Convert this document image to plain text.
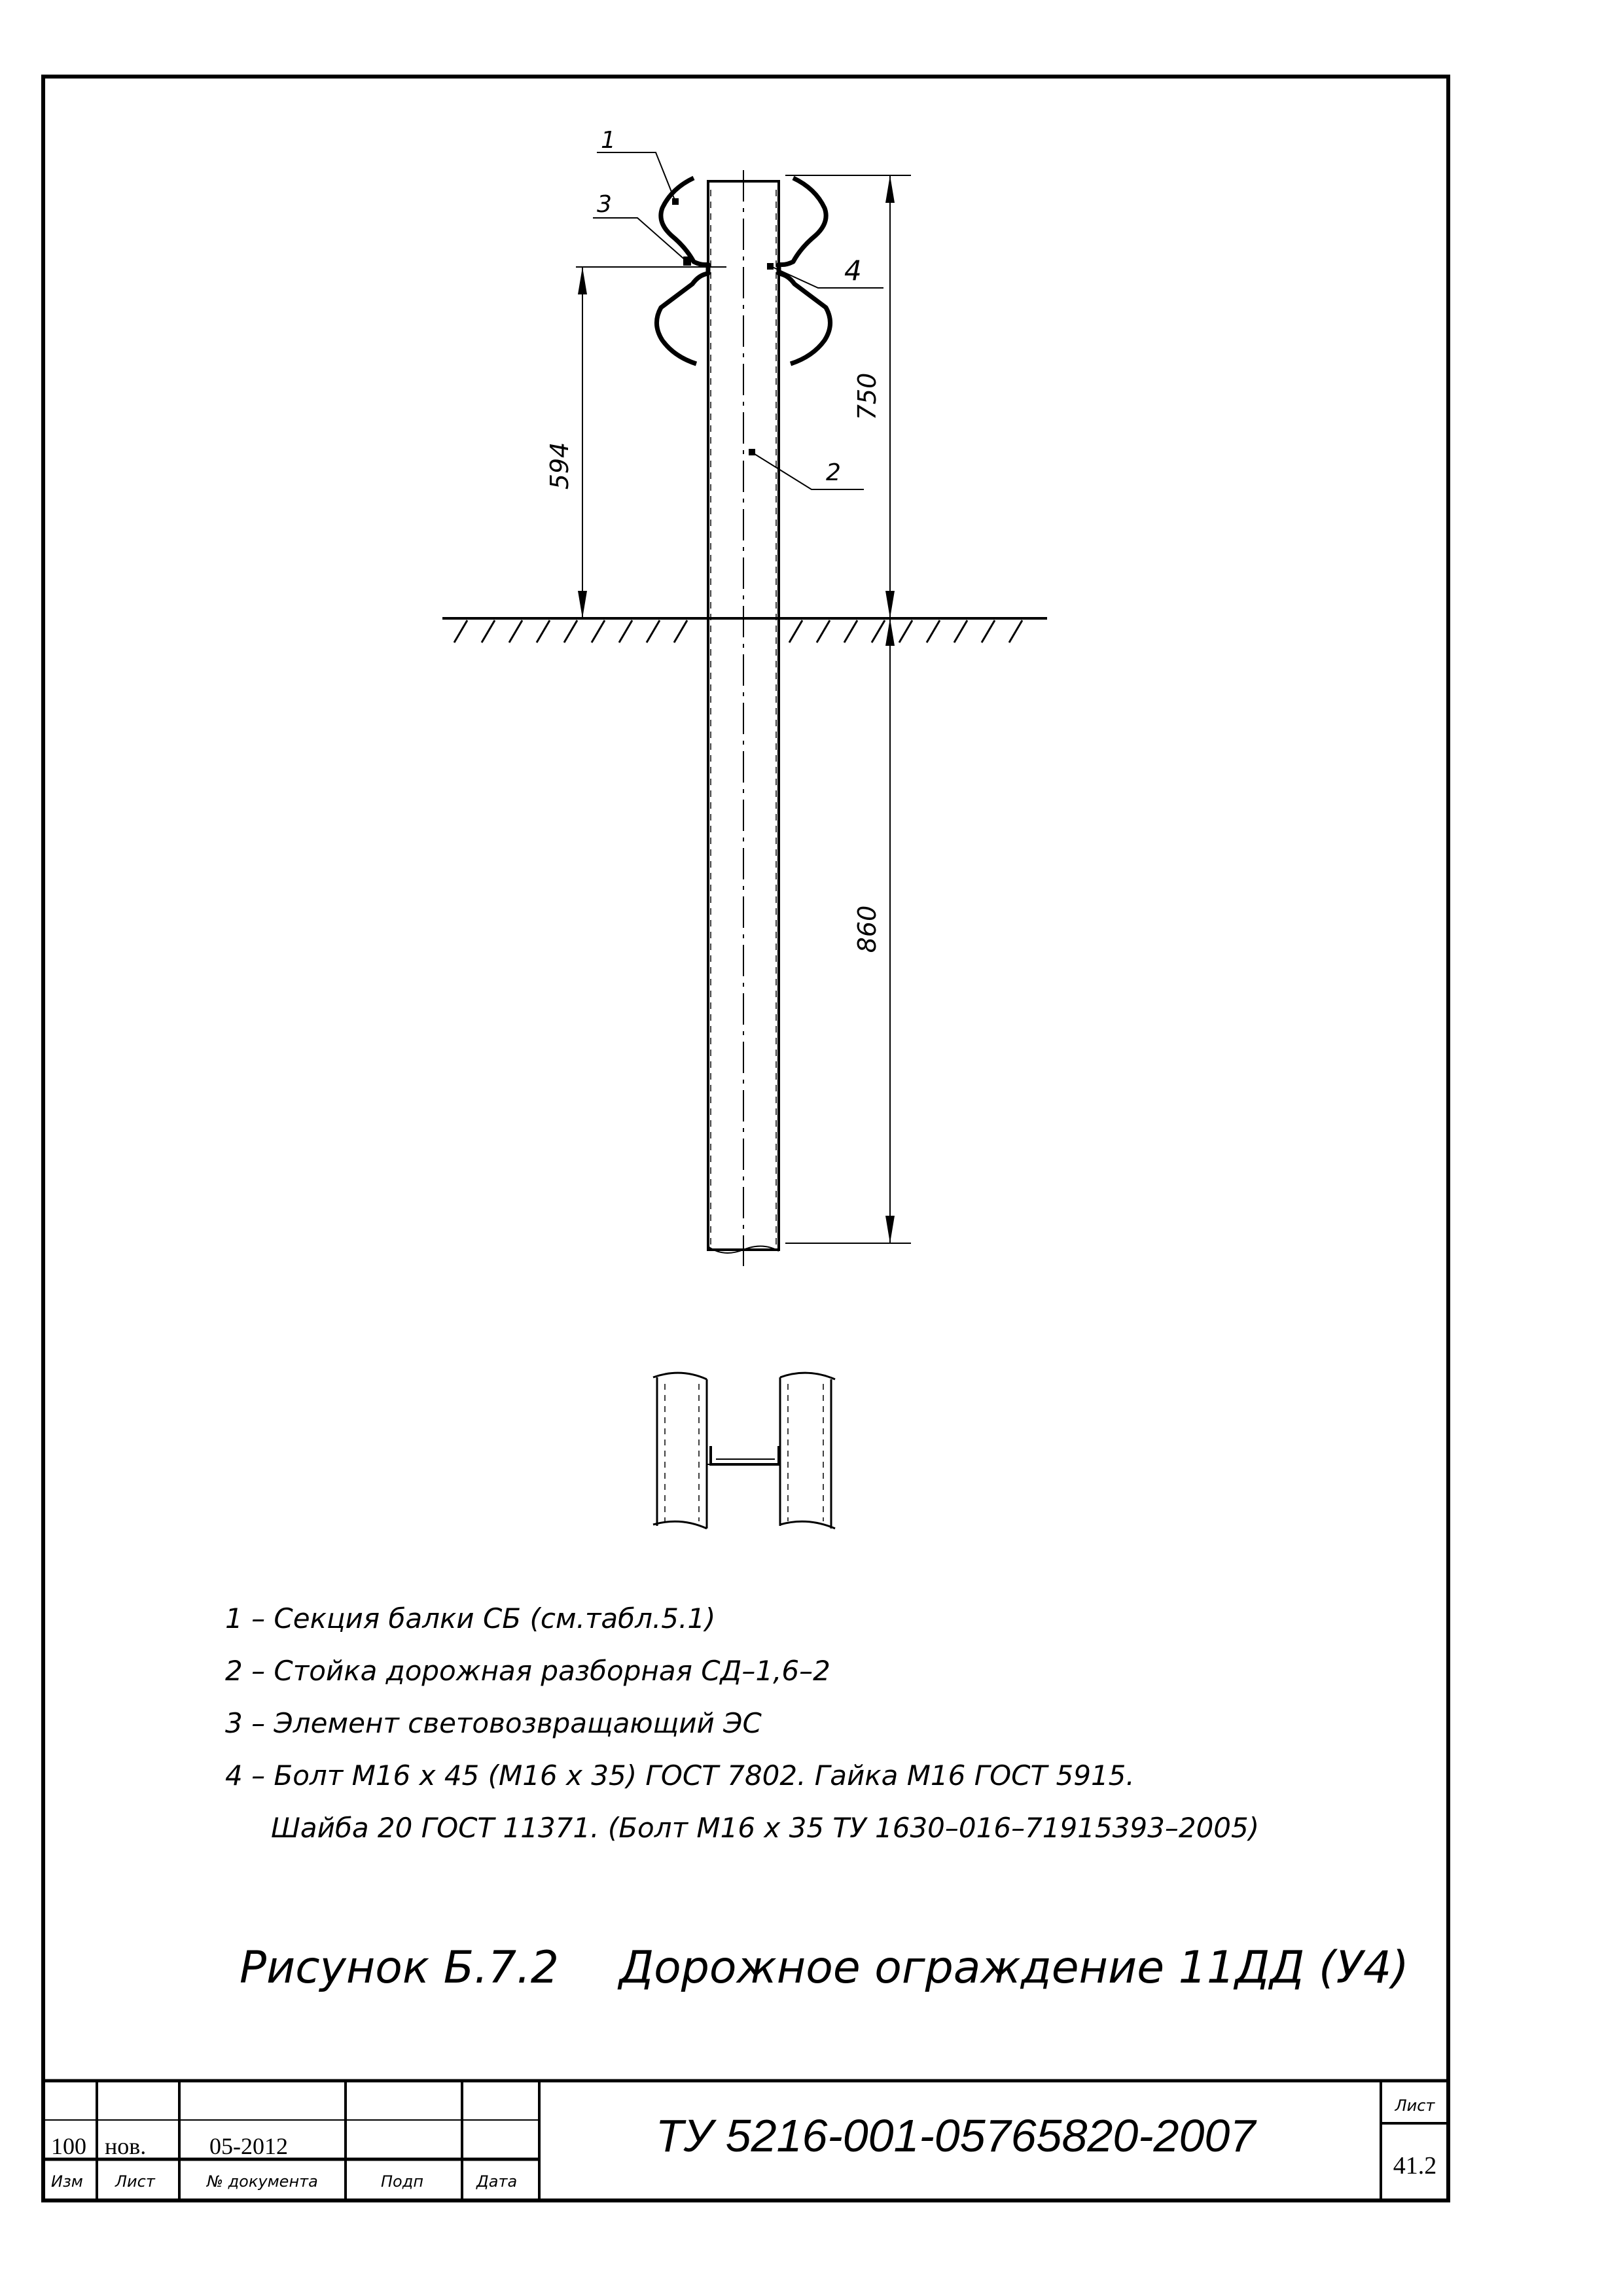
1
3
4
2
594
750
860
1 – Секция балки СБ (см.табл.5.1)
2 – Стойка дорожная разборная СД–1,6–2
3 – Элемент световозвращающий ЭС
4 – Болт М16 х 45 (М16 х 35) ГОСТ 7802. Гайка М16 ГОСТ 5915.
Шайба 20 ГОСТ 11371. (Болт М16 х 35 ТУ 1630–016–71915393–2005)
Рисунок Б.7.2 Дорожное ограждение 11ДД (У4)
100 нов.	05-2012
Изм Лист	№ документа	Подп	Дата
ТУ 5216-001-05765820-2007
Лист
41.2
